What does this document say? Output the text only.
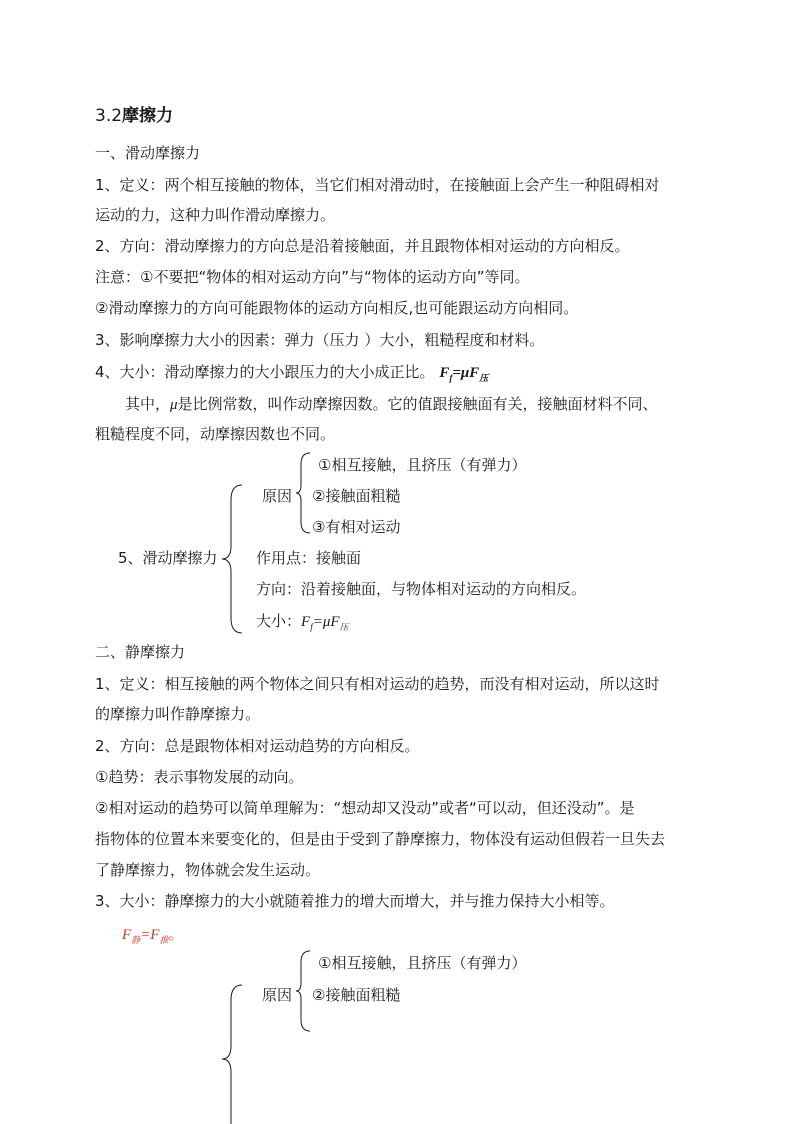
3.2摩擦力
一、滑动摩擦力
1、定义：两个相互接触的物体，当它们相对滑动时，在接触面上会产生一种阻碍相对
运动的力，这种力叫作滑动摩擦力。
2、方向：滑动摩擦力的方向总是沿着接触面，并且跟物体相对运动的方向相反。
注意：①不要把“物体的相对运动方向”与“物体的运动方向”等同。
②滑动摩擦力的方向可能跟物体的运动方向相反,也可能跟运动方向相同。
3、影响摩擦力大小的因素：弹力（压力 ）大小，粗糙程度和材料。
4、大小：滑动摩擦力的大小跟压力的大小成正比。 $F_f=\mu F_压$
其中，μ是比例常数，叫作动摩擦因数。它的值跟接触面有关，接触面材料不同、
粗糙程度不同，动摩擦因数也不同。
①相互接触，且挤压（有弹力）
原因 ②接触面粗糙
③有相对运动
5、滑动摩擦力	作用点：接触面
方向：沿着接触面，与物体相对运动的方向相反。
大小：$F_f=\mu F_压$
二、静摩擦力
1、定义：相互接触的两个物体之间只有相对运动的趋势，而没有相对运动，所以这时
的摩擦力叫作静摩擦力。
2、方向：总是跟物体相对运动趋势的方向相反。
①趋势：表示事物发展的动向。
②相对运动的趋势可以简单理解为：“想动却又没动”或者“可以动，但还没动”。是
指物体的位置本来要变化的，但是由于受到了静摩擦力，物体没有运动但假若一旦失去
了静摩擦力，物体就会发生运动。
3、大小：静摩擦力的大小就随着推力的增大而增大，并与推力保持大小相等。
$F_静=F_推$。
①相互接触，且挤压（有弹力）
原因 ②接触面粗糙
